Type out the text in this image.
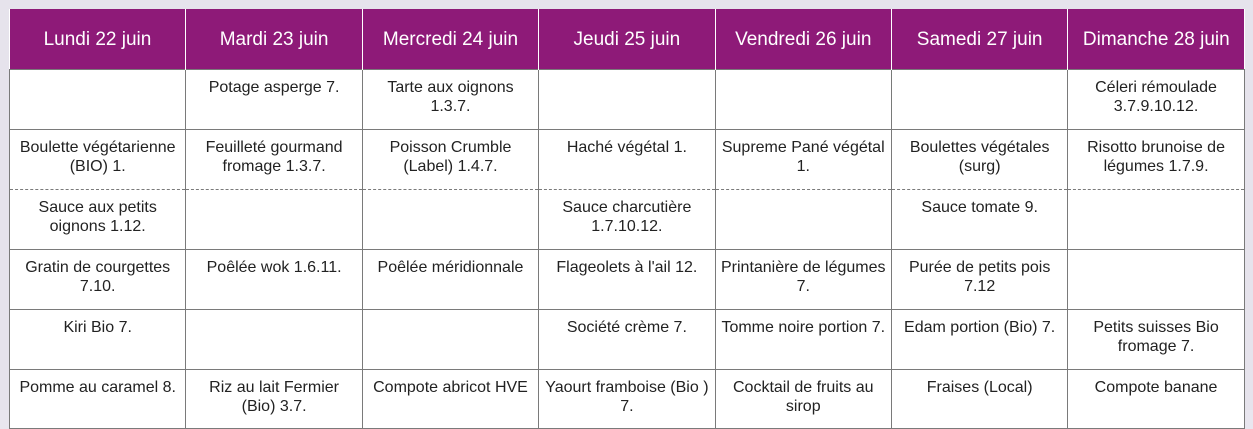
Lundi 22 juin	Mardi 23 juin	Mercredi 24 juin	Jeudi 25 juin	Vendredi 26 juin	Samedi 27 juin	Dimanche 28 juin
	Potage asperge 7.	Tarte aux oignons 1.3.7.				Céleri rémoulade 3.7.9.10.12.
Boulette végétarienne (BIO) 1.	Feuilleté gourmand fromage 1.3.7.	Poisson Crumble (Label) 1.4.7.	Haché végétal 1.	Supreme Pané végétal 1.	Boulettes végétales (surg)	Risotto brunoise de légumes 1.7.9.
Sauce aux petits oignons 1.12.			Sauce charcutière 1.7.10.12.		Sauce tomate 9.	
Gratin de courgettes 7.10.	Poêlée wok 1.6.11.	Poêlée méridionnale	Flageolets à l'ail 12.	Printanière de légumes 7.	Purée de petits pois 7.12	
Kiri Bio 7.			Société crème 7.	Tomme noire portion 7.	Edam portion (Bio) 7.	Petits suisses Bio fromage 7.
Pomme au caramel 8.	Riz au lait Fermier (Bio) 3.7.	Compote abricot HVE	Yaourt framboise (Bio ) 7.	Cocktail de fruits au sirop	Fraises (Local)	Compote banane
